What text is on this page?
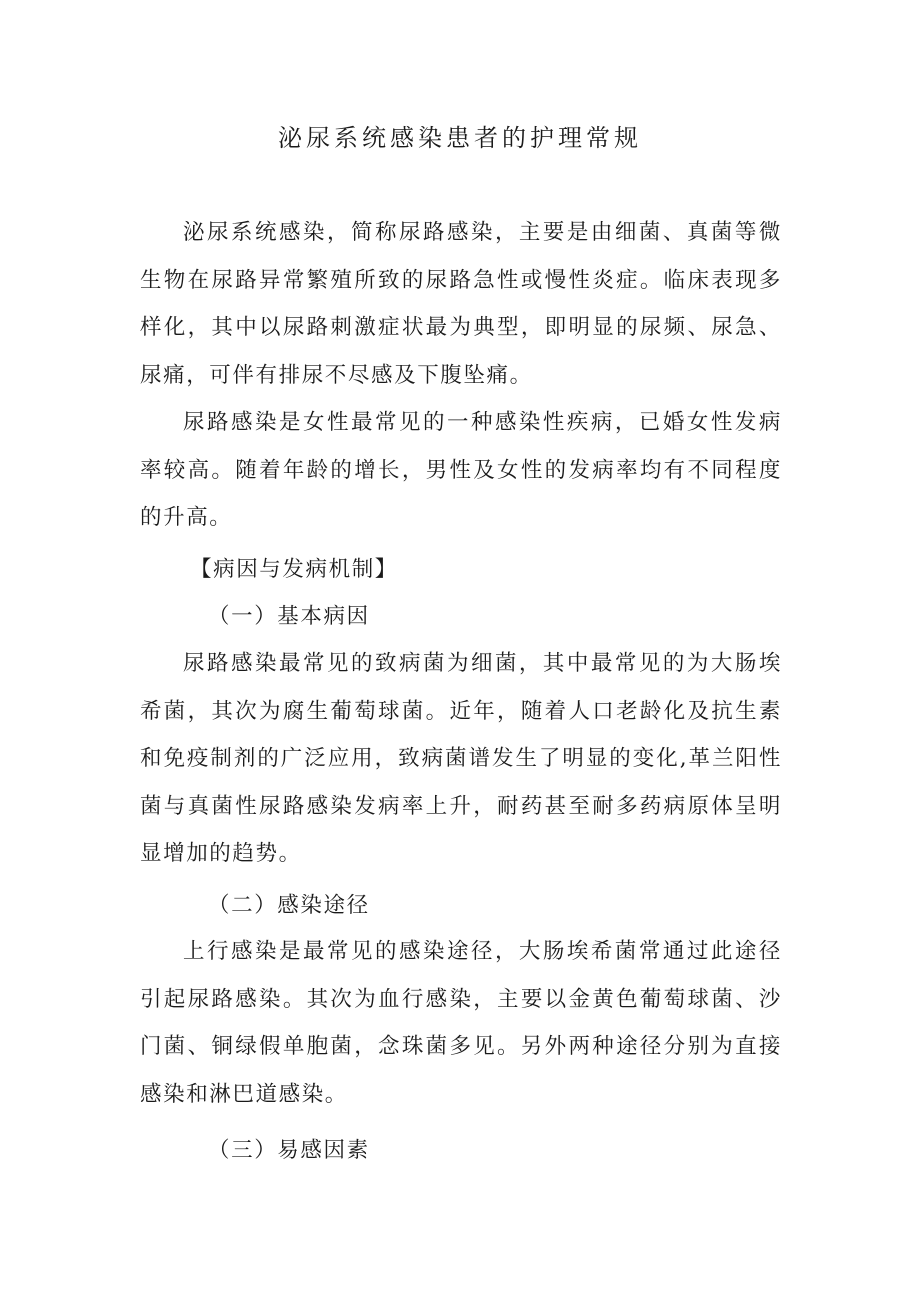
泌尿系统感染患者的护理常规

泌尿系统感染，简称尿路感染，主要是由细菌、真菌等微生物在尿路异常繁殖所致的尿路急性或慢性炎症。临床表现多样化，其中以尿路刺激症状最为典型，即明显的尿频、尿急、尿痛，可伴有排尿不尽感及下腹坠痛。

尿路感染是女性最常见的一种感染性疾病，已婚女性发病率较高。随着年龄的增长，男性及女性的发病率均有不同程度的升高。

【病因与发病机制】
（一）基本病因

尿路感染最常见的致病菌为细菌，其中最常见的为大肠埃希菌，其次为腐生葡萄球菌。近年，随着人口老龄化及抗生素和免疫制剂的广泛应用，致病菌谱发生了明显的变化,革兰阳性菌与真菌性尿路感染发病率上升，耐药甚至耐多药病原体呈明显增加的趋势。

（二）感染途径

上行感染是最常见的感染途径，大肠埃希菌常通过此途径引起尿路感染。其次为血行感染，主要以金黄色葡萄球菌、沙门菌、铜绿假单胞菌，念珠菌多见。另外两种途径分别为直接感染和淋巴道感染。

（三）易感因素
